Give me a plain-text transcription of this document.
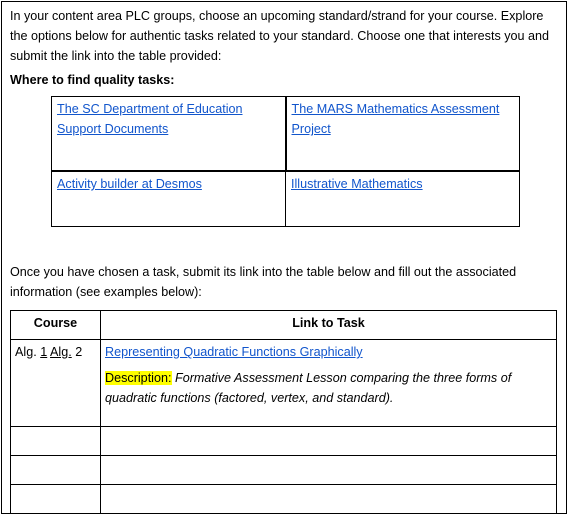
In your content area PLC groups, choose an upcoming standard/strand for your course. Explore the options below for authentic tasks related to your standard. Choose one that interests you and submit the link into the table provided:
Where to find quality tasks:
The SC Department of Education Support Documents	The MARS Mathematics Assessment Project
Activity builder at Desmos	Illustrative Mathematics
Once you have chosen a task, submit its link into the table below and fill out the associated information (see examples below):
Course	Link to Task
Alg. 1 Alg. 2	Representing Quadratic Functions Graphically
Description: Formative Assessment Lesson comparing the three forms of quadratic functions (factored, vertex, and standard).
